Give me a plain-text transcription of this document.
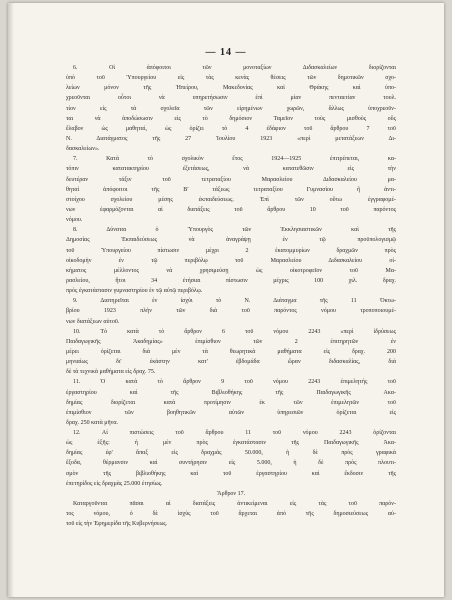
— 14 —
6. Οἱ ἀπόφοιτοι τῶν μονοταξίων Διδασκαλείων διορίζονται
ὑπὸ τοῦ Ὑπουργείου εἰς τὰς κενὰς θέσεις τῶν δημοτικῶν σχο-
λείων μόνον τῆς Ἠπείρου, Μακεδονίας καὶ Θράκης καὶ ὑπο-
χρεοῦνται οὗτοι νὰ υπηρετήσωσιν ἐπὶ μίαν πενταετίαν τουλ.
τίον εἰς τὰ σχολεῖα τῶν εἰρημένων χωρῶν, ἄλλως ὑποχρεοῦν-
ται νὰ ἀποδώσωσιν εἰς τὸ δημόσιον Ταμεῖον τοὺς μισθοὺς οὓς
ἔλαβον ὡς μαθηταί, ὡς ὁρίζει τὸ 4 ἐδάφιον τοῦ ἄρθρου 7 τοῦ
Ν. Διατάγματος τῆς 27 Ἰουλίου 1923 «περὶ μετατάξεων Δι-
δασκαλείων».
7. Κατὰ τὸ σχολικὸν ἔτος 1924—1925 ἐπιτρέπεται, κα-
τόπιν κατατακτηρίου ἐξετάσεως, νὰ κατατεθῶσιν εἰς τὴν
δευτέραν τάξιν τοῦ τετραταξίου Μαρασλείου Διδασκαλείου μα-
θηταὶ ἀπόφοιτοι τῆς Β' τάξεως τετραταξίου Γυμνασίου ἢ ἀντι-
στοίχου σχολείου μέσης ἐκπαιδεύσεως. Ἐπὶ τῶν οὕτω ἐγγραφομέ-
νων ἐφαρμόζονται αἱ διατάξεις τοῦ ἄρθρου 10 τοῦ παρόντος
νόμου.
8. Δύναται ὁ Ὑπουργὸς τῶν Ἐκκλησιαστικῶν καὶ τῆς
Δημοσίας Ἐκπαιδεύσεως νὰ ἀναγράψῃ ἐν τῷ προϋπολογισμῷ
τοῦ Ὑπουργείου πίστωσιν μέχρι 2 ἑκατομμυρίων δραχμῶν πρὸς
οἰκοδομὴν ἐν τῷ περιβόλῳ τοῦ Μαρασλείου Διδασκαλείου οἰ-
κήματος μέλλοντος νὰ χρησιμεύσῃ ὡς οἰκοτροφεῖον τοῦ Μα-
ρασλείου, ἤτοι 34 ἐτήσιαι πίστωσιν μέχρις 100 χιλ. δραχ.
πρὸς ἐγκατάστασιν γυμναστηρίου ἐν τῷ αὐτῷ περιβόλῳ.
9. Διατηρεῖται ἐν ἰσχύι τὸ Ν. Διάταγμα τῆς 11 Ὀκτω-
βρίου 1923 πλὴν τῶν διὰ τοῦ παρόντος νόμου τροποποιουμέ-
νων διατάξεων αὐτοῦ.
10. Τὸ κατὰ τὸ ἄρθρον 6 τοῦ νόμου 2243 «περὶ ἱδρύσεως
Παιδαγωγικῆς Ἀκαδημίας» ἐπιμίσθιον τῶν 2 ἐπιτηρητῶν ἐν
μέρει ὁρίζεται διὰ μὲν τὰ θεωρητικὰ μαθήματα εἰς δραχ. 200
μηνιαίως δι' ἑκάστην κατ' ἑβδομάδα ὥραν διδασκαλίας, διὰ
δὲ τὰ τεχνικὰ μαθήματα εἰς δραχ. 75.
11. Ὁ κατὰ τὸ ἄρθρον 9 τοῦ νόμου 2243 ἐπιμελητὴς τοῦ
ἐργαστηρίου καὶ τῆς Βιβλιοθήκης τῆς Παιδαγωγικῆς Ακα-
δημίας διορίζεται κατὰ προτίμησιν ἐκ τῶν ἐπιμελητῶν τοῦ
ἐπιμίσθιον τῶν βοηθητικῶν αὐτῶν ὑπηρεσιῶν ὁρίζεται εἰς
δραχ. 250 κατὰ μῆνα.
12. Αἱ πιστώσεις τοῦ ἄρθρου 11 τοῦ νόμου 2243 ὁρίζονται
ὡς ἑξῆς: ἡ μὲν πρὸς ἐγκατάστασιν τῆς Παιδαγωγικῆς Ἀκα-
δημίας ἐφ' ἅπαξ εἰς δραχμὰς 50.000, ἡ δὲ πρὸς γραφικὰ
ἔξοδα, θέρμανσιν καὶ συντήρησιν εἰς 5.000, ἡ δὲ πρὸς πλουτι-
σμὸν τῆς βιβλιοθήκης καὶ τοῦ ἐργαστηρίου καὶ ἔκδοσιν τῆς
ἐπετηρίδος εἰς δραχμὰς 25.000 ἐτησίως.
Ἄρθρον 17.
Καταργοῦνται πᾶσαι αἱ διατάξεις ἀντικείμεναι εἰς τὰς τοῦ παρόν-
τος νόμου, ὁ δὲ ἰσχὺς τοῦ ἄρχεται ἀπὸ τῆς δημοσιεύσεως αὐ-
τοῦ εἰς τὴν Ἐφημερίδα τῆς Κυβερνήσεως.
